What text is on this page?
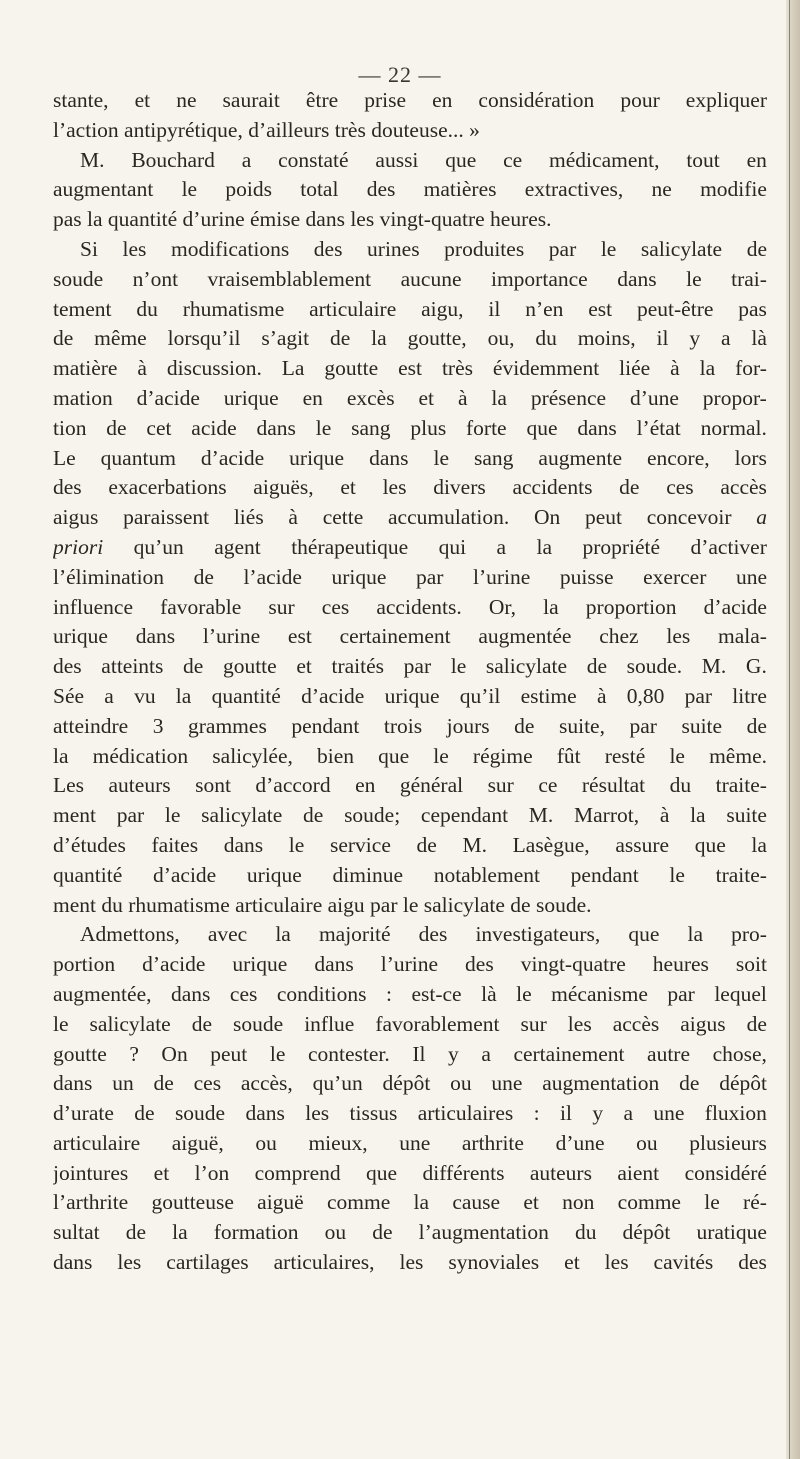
— 22 —
stante, et ne saurait être prise en considération pour expliquer
l’action antipyrétique, d’ailleurs très douteuse... »
M. Bouchard a constaté aussi que ce médicament, tout en
augmentant le poids total des matières extractives, ne modifie
pas la quantité d’urine émise dans les vingt-quatre heures.
Si les modifications des urines produites par le salicylate de
soude n’ont vraisemblablement aucune importance dans le trai-
tement du rhumatisme articulaire aigu, il n’en est peut-être pas
de même lorsqu’il s’agit de la goutte, ou, du moins, il y a là
matière à discussion. La goutte est très évidemment liée à la for-
mation d’acide urique en excès et à la présence d’une propor-
tion de cet acide dans le sang plus forte que dans l’état normal.
Le quantum d’acide urique dans le sang augmente encore, lors
des exacerbations aiguës, et les divers accidents de ces accès
aigus paraissent liés à cette accumulation. On peut concevoir a
priori qu’un agent thérapeutique qui a la propriété d’activer
l’élimination de l’acide urique par l’urine puisse exercer une
influence favorable sur ces accidents. Or, la proportion d’acide
urique dans l’urine est certainement augmentée chez les mala-
des atteints de goutte et traités par le salicylate de soude. M. G.
Sée a vu la quantité d’acide urique qu’il estime à 0,80 par litre
atteindre 3 grammes pendant trois jours de suite, par suite de
la médication salicylée, bien que le régime fût resté le même.
Les auteurs sont d’accord en général sur ce résultat du traite-
ment par le salicylate de soude; cependant M. Marrot, à la suite
d’études faites dans le service de M. Lasègue, assure que la
quantité d’acide urique diminue notablement pendant le traite-
ment du rhumatisme articulaire aigu par le salicylate de soude.
Admettons, avec la majorité des investigateurs, que la pro-
portion d’acide urique dans l’urine des vingt-quatre heures soit
augmentée, dans ces conditions : est-ce là le mécanisme par lequel
le salicylate de soude influe favorablement sur les accès aigus de
goutte ? On peut le contester. Il y a certainement autre chose,
dans un de ces accès, qu’un dépôt ou une augmentation de dépôt
d’urate de soude dans les tissus articulaires : il y a une fluxion
articulaire aiguë, ou mieux, une arthrite d’une ou plusieurs
jointures et l’on comprend que différents auteurs aient considéré
l’arthrite goutteuse aiguë comme la cause et non comme le ré-
sultat de la formation ou de l’augmentation du dépôt uratique
dans les cartilages articulaires, les synoviales et les cavités des
